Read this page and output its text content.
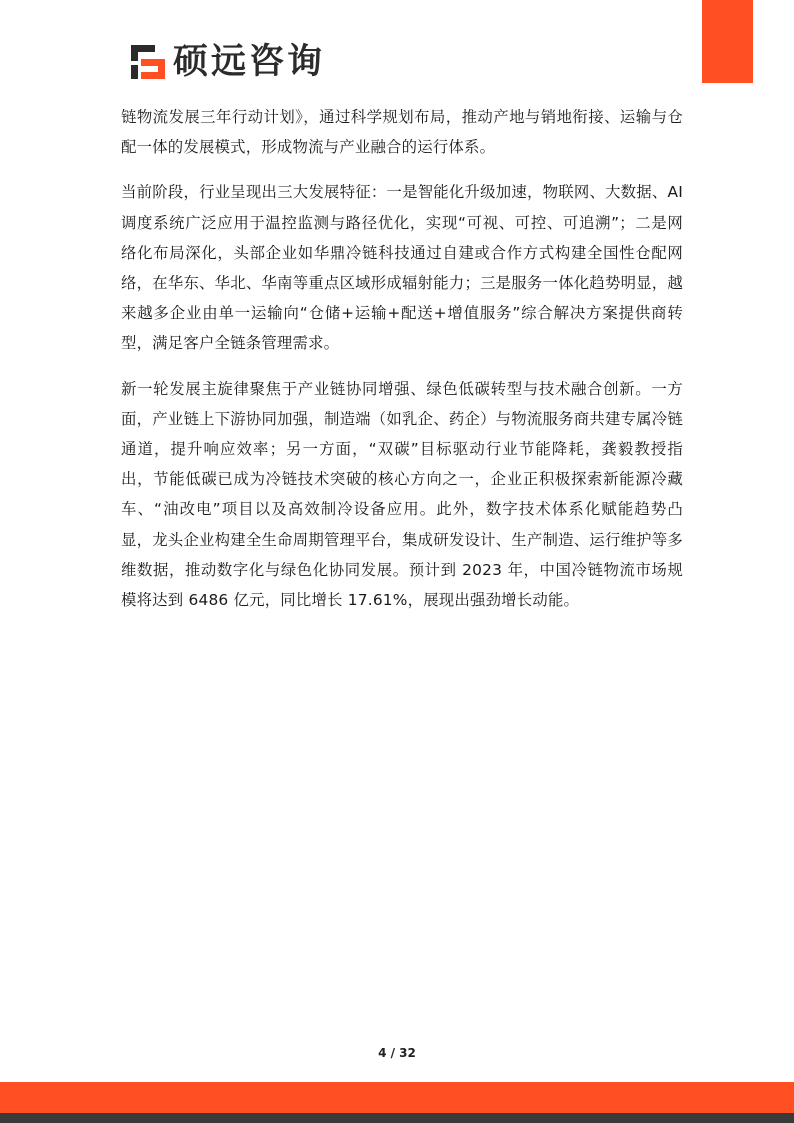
硕远咨询

链物流发展三年行动计划》，通过科学规划布局，推动产地与销地衔接、运输与仓配一体的发展模式，形成物流与产业融合的运行体系。

当前阶段，行业呈现出三大发展特征：一是智能化升级加速，物联网、大数据、AI 调度系统广泛应用于温控监测与路径优化，实现“可视、可控、可追溯”；二是网络化布局深化，头部企业如华鼎冷链科技通过自建或合作方式构建全国性仓配网络，在华东、华北、华南等重点区域形成辐射能力；三是服务一体化趋势明显，越来越多企业由单一运输向“仓储+运输+配送+增值服务”综合解决方案提供商转型，满足客户全链条管理需求。

新一轮发展主旋律聚焦于产业链协同增强、绿色低碳转型与技术融合创新。一方面，产业链上下游协同加强，制造端（如乳企、药企）与物流服务商共建专属冷链通道，提升响应效率；另一方面，“双碳”目标驱动行业节能降耗，龚毅教授指出，节能低碳已成为冷链技术突破的核心方向之一，企业正积极探索新能源冷藏车、“油改电”项目以及高效制冷设备应用。此外，数字技术体系化赋能趋势凸显，龙头企业构建全生命周期管理平台，集成研发设计、生产制造、运行维护等多维数据，推动数字化与绿色化协同发展。预计到 2023 年，中国冷链物流市场规模将达到 6486 亿元，同比增长 17.61%，展现出强劲增长动能。

4 / 32
